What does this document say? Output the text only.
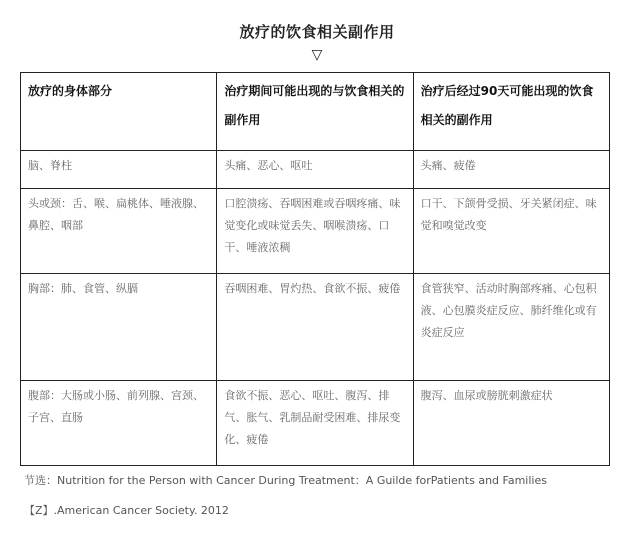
放疗的饮食相关副作用
▽
放疗的身体部分	治疗期间可能出现的与饮食相关的副作用	治疗后经过90天可能出现的饮食相关的副作用
脑、脊柱	头痛、恶心、呕吐	头痛、疲倦
头或颈：舌、喉、扁桃体、唾液腺、鼻腔、咽部	口腔溃疡、吞咽困难或吞咽疼痛、味觉变化或味觉丢失、咽喉溃疡、口干、唾液浓稠	口干、下颌骨受损、牙关紧闭症、味觉和嗅觉改变
胸部：肺、食管、纵膈	吞咽困难、胃灼热、食欲不振、疲倦	食管狭窄、活动时胸部疼痛、心包积液、心包膜炎症反应、肺纤维化或有炎症反应
腹部：大肠或小肠、前列腺、宫颈、子宫、直肠	食欲不振、恶心、呕吐、腹泻、排气、胀气、乳制品耐受困难、排尿变化、疲倦	腹泻、血尿或膀胱刺激症状
节选：Nutrition for the Person with Cancer During Treatment：A Guilde forPatients and Families
【Z】.American Cancer Society. 2012
